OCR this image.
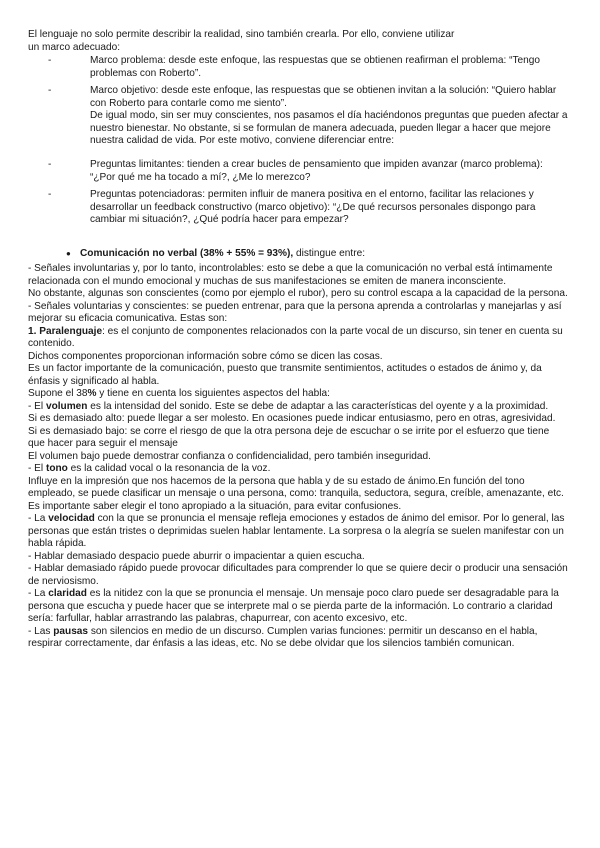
El lenguaje no solo permite describir la realidad, sino también crearla. Por ello, conviene utilizar

un marco adecuado:

-	Marco problema: desde este enfoque, las respuestas que se obtienen reafirman el problema: “Tengo problemas con Roberto”.

-	Marco objetivo: desde este enfoque, las respuestas que se obtienen invitan a la solución: “Quiero hablar con Roberto para contarle como me siento”.

De igual modo, sin ser muy conscientes, nos pasamos el día haciéndonos preguntas que pueden afectar a nuestro bienestar. No obstante, si se formulan de manera adecuada, pueden llegar a hacer que mejore nuestra calidad de vida. Por este motivo, conviene diferenciar entre:

-	Preguntas limitantes: tienden a crear bucles de pensamiento que impiden avanzar (marco problema): “¿Por qué me ha tocado a mí?, ¿Me lo merezco?

-	Preguntas potenciadoras: permiten influir de manera positiva en el entorno, facilitar las relaciones y desarrollar un feedback constructivo (marco objetivo): “¿De qué recursos personales dispongo para cambiar mi situación?, ¿Qué podría hacer para empezar?

● Comunicación no verbal (38% + 55% = 93%), distingue entre:

- Señales involuntarias y, por lo tanto, incontrolables: esto se debe a que la comunicación no verbal está íntimamente relacionada con el mundo emocional y muchas de sus manifestaciones se emiten de manera inconsciente.

No obstante, algunas son conscientes (como por ejemplo el rubor), pero su control escapa a la capacidad de la persona.

- Señales voluntarias y conscientes: se pueden entrenar, para que la persona aprenda a controlarlas y manejarlas y así mejorar su eficacia comunicativa. Estas son:

1. Paralenguaje: es el conjunto de componentes relacionados con la parte vocal de un discurso, sin tener en cuenta su contenido.

Dichos componentes proporcionan información sobre cómo se dicen las cosas.

Es un factor importante de la comunicación, puesto que transmite sentimientos, actitudes o estados de ánimo y, da énfasis y significado al habla.

Supone el 38% y tiene en cuenta los siguientes aspectos del habla:

- El volumen es la intensidad del sonido. Este se debe de adaptar a las características del oyente y a la proximidad.

Si es demasiado alto: puede llegar a ser molesto. En ocasiones puede indicar entusiasmo, pero en otras, agresividad.

Si es demasiado bajo: se corre el riesgo de que la otra persona deje de escuchar o se irrite por el esfuerzo que tiene que hacer para seguir el mensaje

El volumen bajo puede demostrar confianza o confidencialidad, pero también inseguridad.

- El tono es la calidad vocal o la resonancia de la voz.

Influye en la impresión que nos hacemos de la persona que habla y de su estado de ánimo.En función del tono empleado, se puede clasificar un mensaje o una persona, como: tranquila, seductora, segura, creíble, amenazante, etc.

Es importante saber elegir el tono apropiado a la situación, para evitar confusiones.

- La velocidad con la que se pronuncia el mensaje refleja emociones y estados de ánimo del emisor. Por lo general, las personas que están tristes o deprimidas suelen hablar lentamente. La sorpresa o la alegría se suelen manifestar con un habla rápida.

- Hablar demasiado despacio puede aburrir o impacientar a quien escucha.

- Hablar demasiado rápido puede provocar dificultades para comprender lo que se quiere decir o producir una sensación de nerviosismo.

- La claridad es la nitidez con la que se pronuncia el mensaje. Un mensaje poco claro puede ser desagradable para la persona que escucha y puede hacer que se interprete mal o se pierda parte de la información. Lo contrario a claridad sería: farfullar, hablar arrastrando las palabras, chapurrear, con acento excesivo, etc.

- Las pausas son silencios en medio de un discurso. Cumplen varias funciones: permitir un descanso en el habla, respirar correctamente, dar énfasis a las ideas, etc. No se debe olvidar que los silencios también comunican.
